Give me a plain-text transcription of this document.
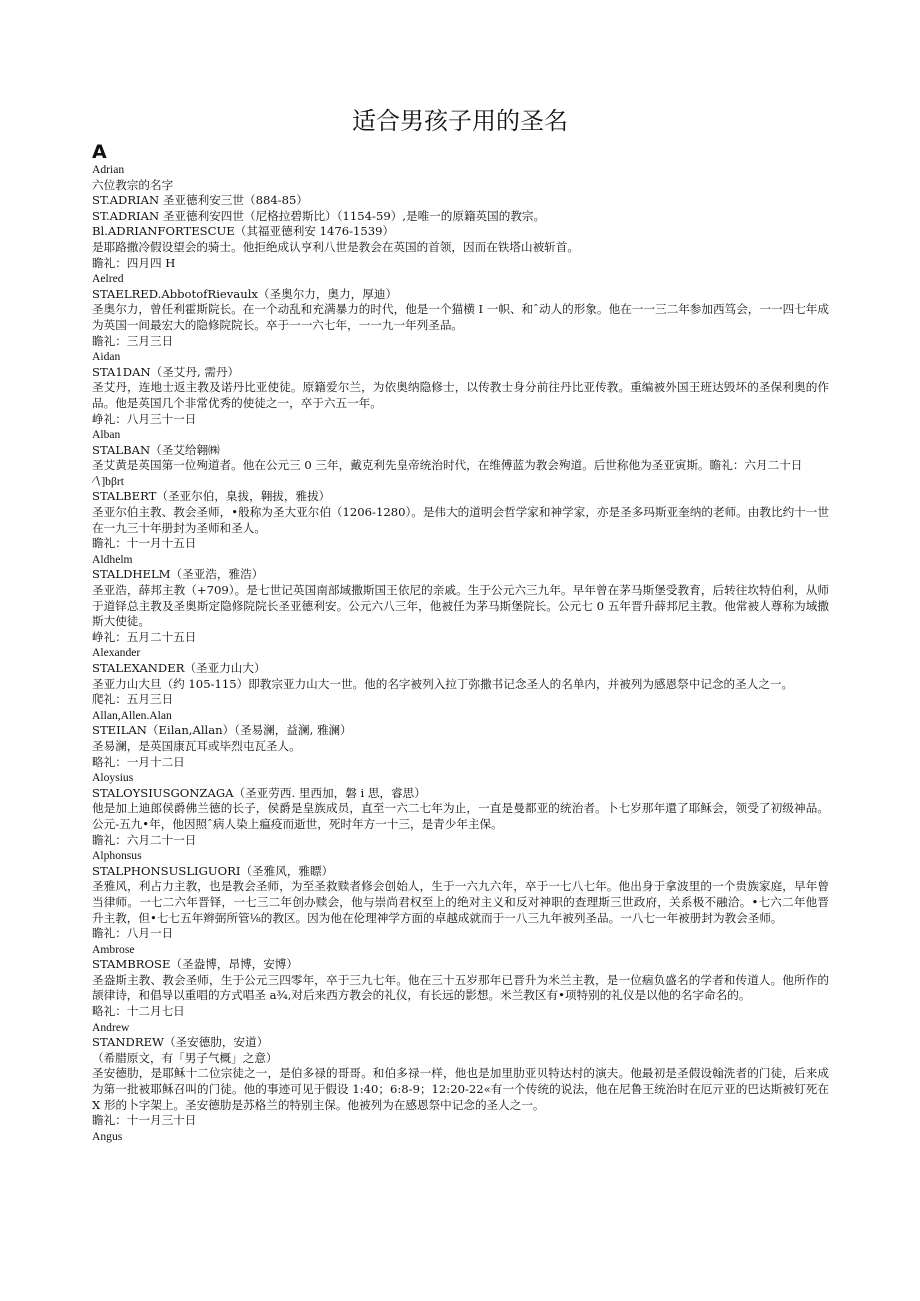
适合男孩子用的圣名
A
Adrian
六位教宗的名字
ST.ADRIAN 圣亚德利安三世（884-85）
ST.ADRIAN 圣亚德利安四世（尼格拉碧斯比）（1154-59）,是唯一的原籍英国的教宗。
Bl.ADRIANFORTESCUE（其福亚德利安 1476-1539）
是耶路撒冷假设望会的骑士。他拒绝成认亨利八世是教会在英国的首领，因而在铁塔山被斩首。
瞻礼：四月四 H
Aelred
STAELRED.AbbotofRievaulx（圣奥尔力，奥力，厚迪）
圣奥尔力，曾任利霍斯院长。在一个动乱和充满暴力的时代，他是一个猫横 I 一帜、和ˆ动人的形象。他在一一三二年参加西笃会，一一四七年成为英国一间最宏大的隐修院院长。卒于一一六七年，一一九一年列圣品。
瞻礼：三月三日
Aidan
STA1DAN（圣艾丹, 需丹）
圣艾丹，连地士返主教及诺丹比亚使徒。原籍爱尔兰，为依奥纳隐修士，以传教士身分前往丹比亚传教。重编被外国王班达毁坏的圣保利奥的作品。他是英国几个非常优秀的使徒之一，卒于六五一年。
峥礼：八月三十一日
Alban
STALBAN（圣艾给翱㈱
圣艾黄是英国第一位殉道者。他在公元三 0 三年，戴克利先皇帝统治时代，在维傅蓝为教会殉道。后世称他为圣亚寅斯。瞻礼：六月二十日
∕∖]bβrt
STALBERT（圣亚尔伯，臬拔，翱拔，雅拔）
圣亚尔伯主教、教会圣师，•般称为圣大亚尔伯（1206-1280）。是伟大的道明会哲学家和神学家，亦是圣多玛斯亚奎纳的老师。由教比约十一世在一九三十年册封为圣师和圣人。
瞻礼：十一月十五日
Aldhelm
STALDHELM（圣亚浩，雅浩）
圣亚浩，薛邦主教（+709）。是七世记英国南部域撒斯国王依尼的亲戚。生于公元六三九年。早年曾在茅马斯堡受教育，后转往坎特伯利，从师于道铎总主教及圣奥斯定隐修院院长圣亚德利安。公元六八三年，他被任为茅马斯堡院长。公元七 0 五年晋升薛邦尼主教。他常被人尊称为域撒斯大使徒。
峥礼：五月二十五日
Alexander
STALEXANDER（圣亚力山大）
圣亚力山大旦（约 105-115）即教宗亚力山大一世。他的名字被列入拉丁弥撒书记念圣人的名单内，并被列为感恩祭中记念的圣人之一。
爬礼：五月三日
Allan,Allen.Alan
STEILAN（Eilan,Allan）（圣易澜，益澜, 雅澜）
圣易澜，是英国康瓦耳或毕烈屯瓦圣人。
略礼：一月十二日
Aloysius
STALOYSIUSGONZAGA（圣亚劳西. 里西加，磐 i 思，睿思）
他是加上迪郎侯爵佛兰德的长子，侯爵是皇族成员，直至一六二七年为止，一直是曼都亚的统治者。卜七岁那年還了耶稣会，领受了初级神品。公元-五九•年，他因照ˆ病人染上瘟疫而逝世，死时年方一十三，是青少年主保。
瞻礼：六月二十一日
Alphonsus
STALPHONSUSLIGUORI（圣雅风，雅瞟）
圣雅风，利占力主教，也是教会圣师，为至圣救赎者修会创始人，生于一六九六年，卒于一七八七年。他出身于拿波里的一个贵族家庭，早年曾当律师。一七二六年晋铎，一七三二年创办赎会，他与崇尚君权至上的绝对主义和反对神职的查理斯三世政府，关系极不融洽。•七六二年他晋升主教，但•七七五年辫弼所管⅛的教区。因为他在伦理神学方面的卓越成就而于一八三九年被列圣品。一八七一年被册封为教会圣师。
瞻礼：八月一日
Ambrose
STAMBROSE（圣盎博，昂博，安博）
圣盎斯主教、教会圣师，生于公元三四零年，卒于三九七年。他在三十五岁那年已晋升为米兰主教，是一位痼负盛名的学者和传道人。他所作的颉律诗，和倡导以重唱的方式唱圣 a¾,对后来西方教会的礼仪，有长远的影想。米兰教区有•项特别的礼仪是以他的名字命名的。
略礼：十二月七日
Andrew
STANDREW（圣安德肋，安道）
（希腊原文，有「男子气概」之意）
圣安德肋，是耶稣十二位宗徒之一，是伯多禄的哥哥。和伯多禄一样，他也是加里肋亚贝特达村的演夫。他最初是圣假设翰洗者的门徒，后来成为第一批被耶稣召叫的门徒。他的事迹可见于假设 1:40；6:8-9；12:20-22«有一个传统的说法，他在尼鲁王统治时在厄亓亚的巴达斯被钉死在 X 形的卜字架上。圣安德肋是苏格兰的特别主保。他被列为在感恩祭中记念的圣人之一。
瞻礼：十一月三十日
Angus
